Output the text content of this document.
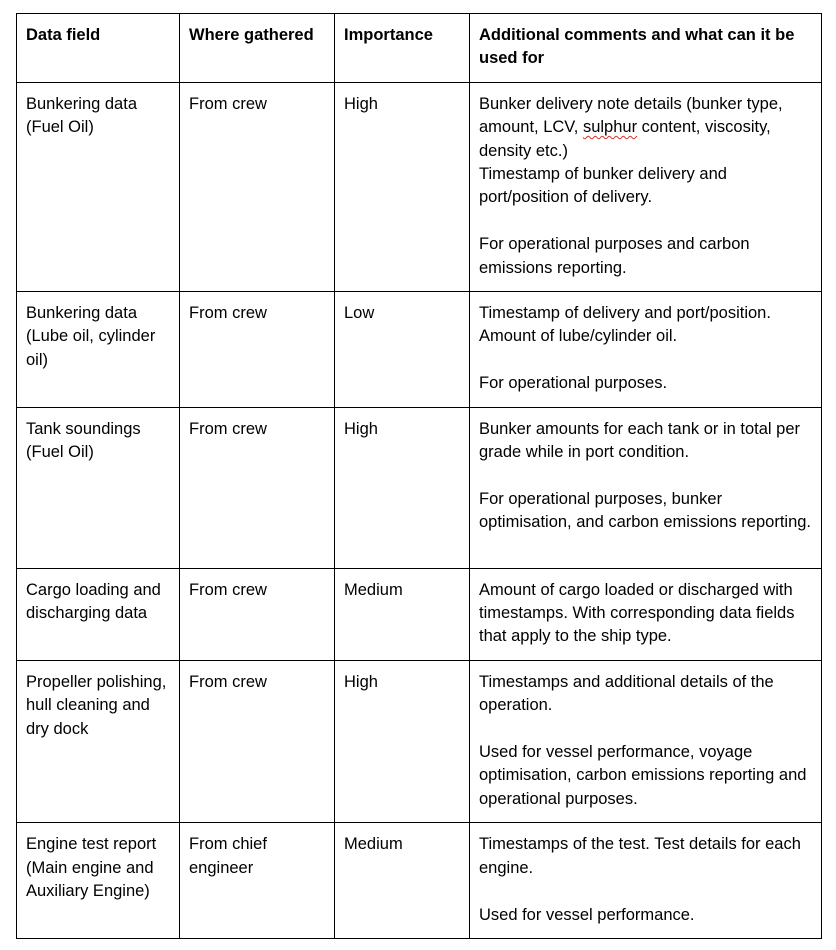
Data field	Where gathered	Importance	Additional comments and what can it be used for
Bunkering data (Fuel Oil)	From crew	High	Bunker delivery note details (bunker type, amount, LCV, sulphur content, viscosity, density etc.)
Timestamp of bunker delivery and port/position of delivery.
For operational purposes and carbon emissions reporting.

Bunkering data (Lube oil, cylinder oil)	From crew	Low	Timestamp of delivery and port/position. Amount of lube/cylinder oil.
For operational purposes.

Tank soundings (Fuel Oil)	From crew	High	Bunker amounts for each tank or in total per grade while in port condition.
For operational purposes, bunker optimisation, and carbon emissions reporting.

Cargo loading and discharging data	From crew	Medium	Amount of cargo loaded or discharged with timestamps. With corresponding data fields that apply to the ship type.

Propeller polishing, hull cleaning and dry dock	From crew	High	Timestamps and additional details of the operation.
Used for vessel performance, voyage optimisation, carbon emissions reporting and operational purposes.

Engine test report (Main engine and Auxiliary Engine)	From chief engineer	Medium	Timestamps of the test. Test details for each engine.
Used for vessel performance.
